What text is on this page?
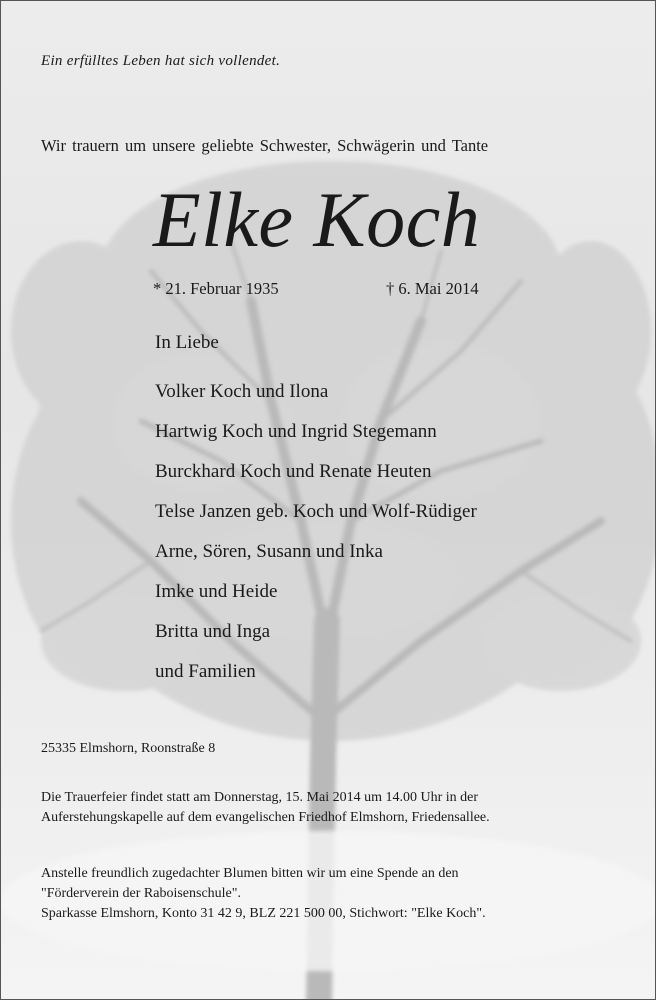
Ein erfülltes Leben hat sich vollendet.
Wir trauern um unsere geliebte Schwester, Schwägerin und Tante
Elke Koch
* 21. Februar 1935	† 6. Mai 2014
In Liebe
Volker Koch und Ilona
Hartwig Koch und Ingrid Stegemann
Burckhard Koch und Renate Heuten
Telse Janzen geb. Koch und Wolf-Rüdiger
Arne, Sören, Susann und Inka
Imke und Heide
Britta und Inga
und Familien
25335 Elmshorn, Roonstraße 8

Die Trauerfeier findet statt am Donnerstag, 15. Mai 2014 um 14.00 Uhr in der
Auferstehungskapelle auf dem evangelischen Friedhof Elmshorn, Friedensallee.

Anstelle freundlich zugedachter Blumen bitten wir um eine Spende an den
"Förderverein der Raboisenschule".
Sparkasse Elmshorn, Konto 31 42 9, BLZ 221 500 00, Stichwort: "Elke Koch".
